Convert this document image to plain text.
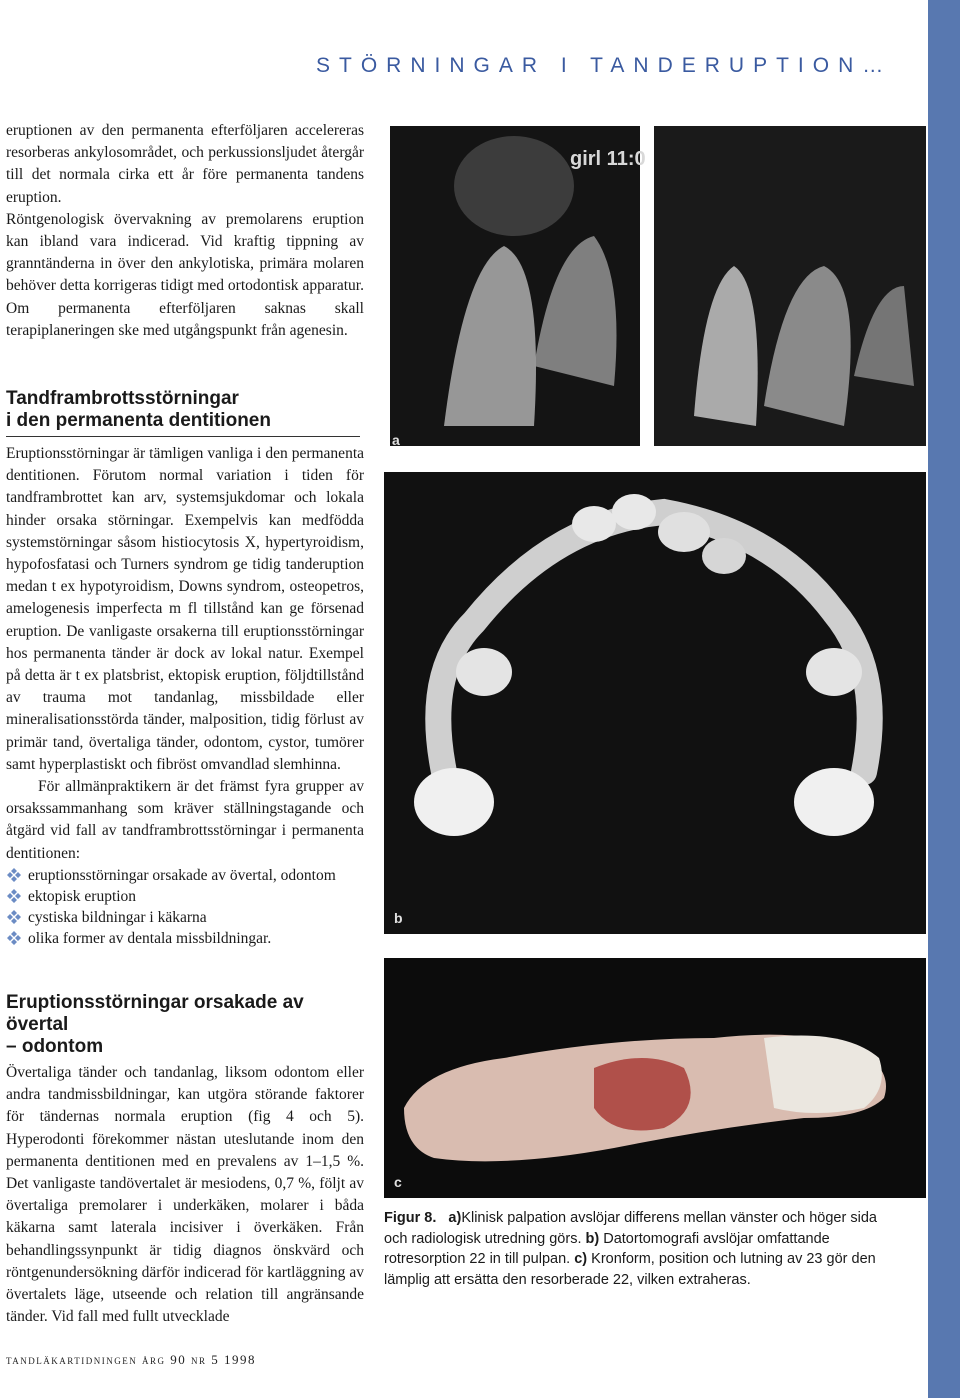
STÖRNINGAR I TANDERUPTION…

eruptionen av den permanenta efterföljaren accelereras resorberas ankylosområdet, och perkussionsljudet återgår till det normala cirka ett år före permanenta tandens eruption.

Röntgenologisk övervakning av premolarens eruption kan ibland vara indicerad. Vid kraftig tippning av granntänderna in över den ankylotiska, primära molaren behöver detta korrigeras tidigt med ortodontisk apparatur. Om permanenta efterföljaren saknas skall terapiplaneringen ske med utgångspunkt från agenesin.

Tandframbrottsstörningar
i den permanenta dentitionen

Eruptionsstörningar är tämligen vanliga i den permanenta dentitionen. Förutom normal variation i tiden för tandframbrottet kan arv, systemsjukdomar och lokala hinder orsaka störningar. Exempelvis kan medfödda systemstörningar såsom histiocytosis X, hypertyroidism, hypofosfatasi och Turners syndrom ge tidig tanderuption medan t ex hypotyroidism, Downs syndrom, osteopetros, amelogenesis imperfecta m fl tillstånd kan ge försenad eruption. De vanligaste orsakerna till eruptionsstörningar hos permanenta tänder är dock av lokal natur. Exempel på detta är t ex platsbrist, ektopisk eruption, följdtillstånd av trauma mot tandanlag, missbildade eller mineralisationsstörda tänder, malposition, tidig förlust av primär tand, övertaliga tänder, odontom, cystor, tumörer samt hyperplastiskt och fibröst omvandlad slemhinna.

För allmänpraktikern är det främst fyra grupper av orsakssammanhang som kräver ställningstagande och åtgärd vid fall av tandframbrottsstörningar i permanenta dentitionen:

eruptionsstörningar orsakade av övertal, odontom
ektopisk eruption
cystiska bildningar i käkarna
olika former av dentala missbildningar.
Eruptionsstörningar orsakade av övertal
– odontom

Övertaliga tänder och tandanlag, liksom odontom eller andra tandmissbildningar, kan utgöra störande faktorer för tändernas normala eruption (fig 4 och 5). Hyperodonti förekommer nästan uteslutande inom den permanenta dentitionen med en prevalens av 1–1,5 %. Det vanligaste tandövertalet är mesiodens, 0,7 %, följt av övertaliga premolarer i underkäken, molarer i båda käkarna samt laterala incisiver i överkäken. Från behandlingssynpunkt är tidig diagnos önskvärd och röntgenundersökning därför indicerad för kartläggning av övertalets läge, utseende och relation till angränsande tänder. Vid fall med fullt utvecklade

girl 11:0
a
b
c
Figur 8. a)Klinisk palpation avslöjar differens mellan vänster och höger sida och radiologisk utredning görs. b) Datortomografi avslöjar omfattande rotresorption 22 in till pulpan. c) Kronform, position och lutning av 23 gör den lämplig att ersätta den resorberade 22, vilken extraheras.
tandläkartidningen årg 90 nr 5 1998
